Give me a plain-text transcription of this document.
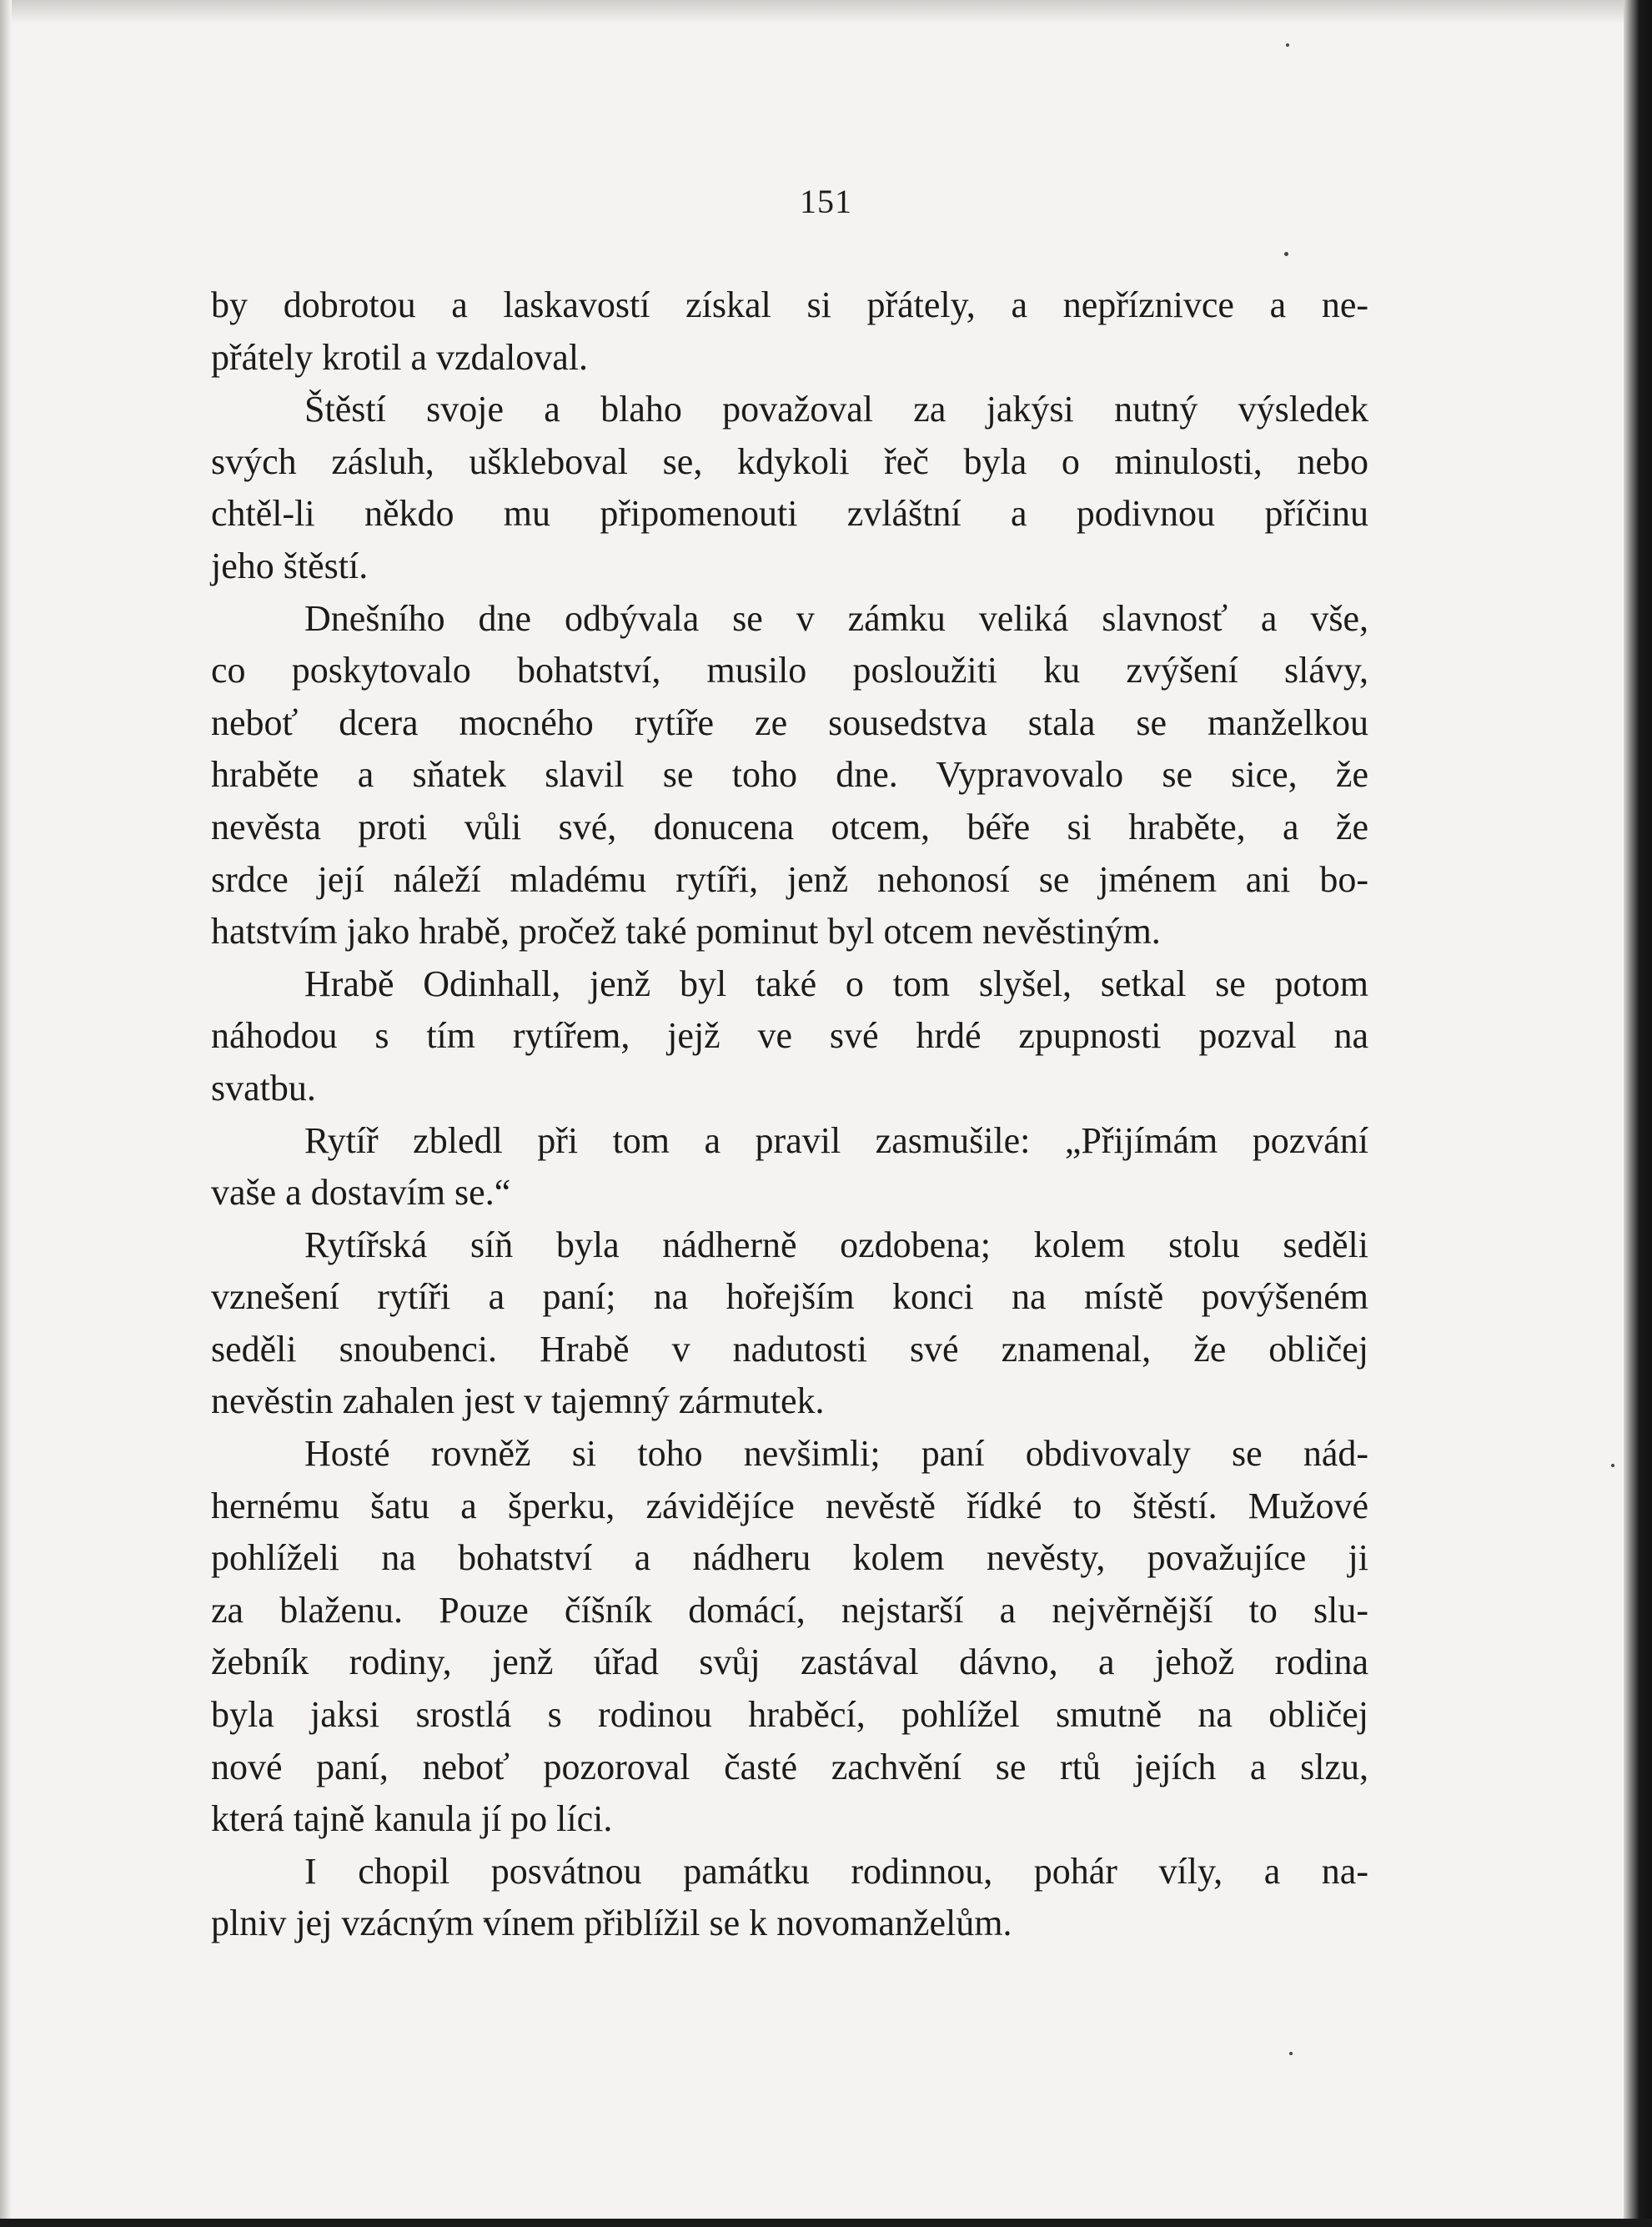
151
by dobrotou a laskavostí získal si přátely, a nepříznivce a ne-
přátely krotil a vzdaloval.
Štěstí svoje a blaho považoval za jakýsi nutný výsledek
svých zásluh, uškleboval se, kdykoli řeč byla o minulosti, nebo
chtěl-li někdo mu připomenouti zvláštní a podivnou příčinu
jeho štěstí.
Dnešního dne odbývala se v zámku veliká slavnosť a vše,
co poskytovalo bohatství, musilo posloužiti ku zvýšení slávy,
neboť dcera mocného rytíře ze sousedstva stala se manželkou
hraběte a sňatek slavil se toho dne. Vypravovalo se sice, že
nevěsta proti vůli své, donucena otcem, béře si hraběte, a že
srdce její náleží mladému rytíři, jenž nehonosí se jménem ani bo-
hatstvím jako hrabě, pročež také pominut byl otcem nevěstiným.
Hrabě Odinhall, jenž byl také o tom slyšel, setkal se potom
náhodou s tím rytířem, jejž ve své hrdé zpupnosti pozval na
svatbu.
Rytíř zbledl při tom a pravil zasmušile: „Přijímám pozvání
vaše a dostavím se.“
Rytířská síň byla nádherně ozdobena; kolem stolu seděli
vznešení rytíři a paní; na hořejším konci na místě povýšeném
seděli snoubenci. Hrabě v nadutosti své znamenal, že obličej
nevěstin zahalen jest v tajemný zármutek.
Hosté rovněž si toho nevšimli; paní obdivovaly se nád-
hernému šatu a šperku, závidějíce nevěstě řídké to štěstí. Mužové
pohlíželi na bohatství a nádheru kolem nevěsty, považujíce ji
za blaženu. Pouze číšník domácí, nejstarší a nejvěrnější to slu-
žebník rodiny, jenž úřad svůj zastával dávno, a jehož rodina
byla jaksi srostlá s rodinou hraběcí, pohlížel smutně na obličej
nové paní, neboť pozoroval časté zachvění se rtů jejích a slzu,
která tajně kanula jí po líci.
I chopil posvátnou památku rodinnou, pohár víly, a na-
plniv jej vzácným vínem přiblížil se k novomanželům.
